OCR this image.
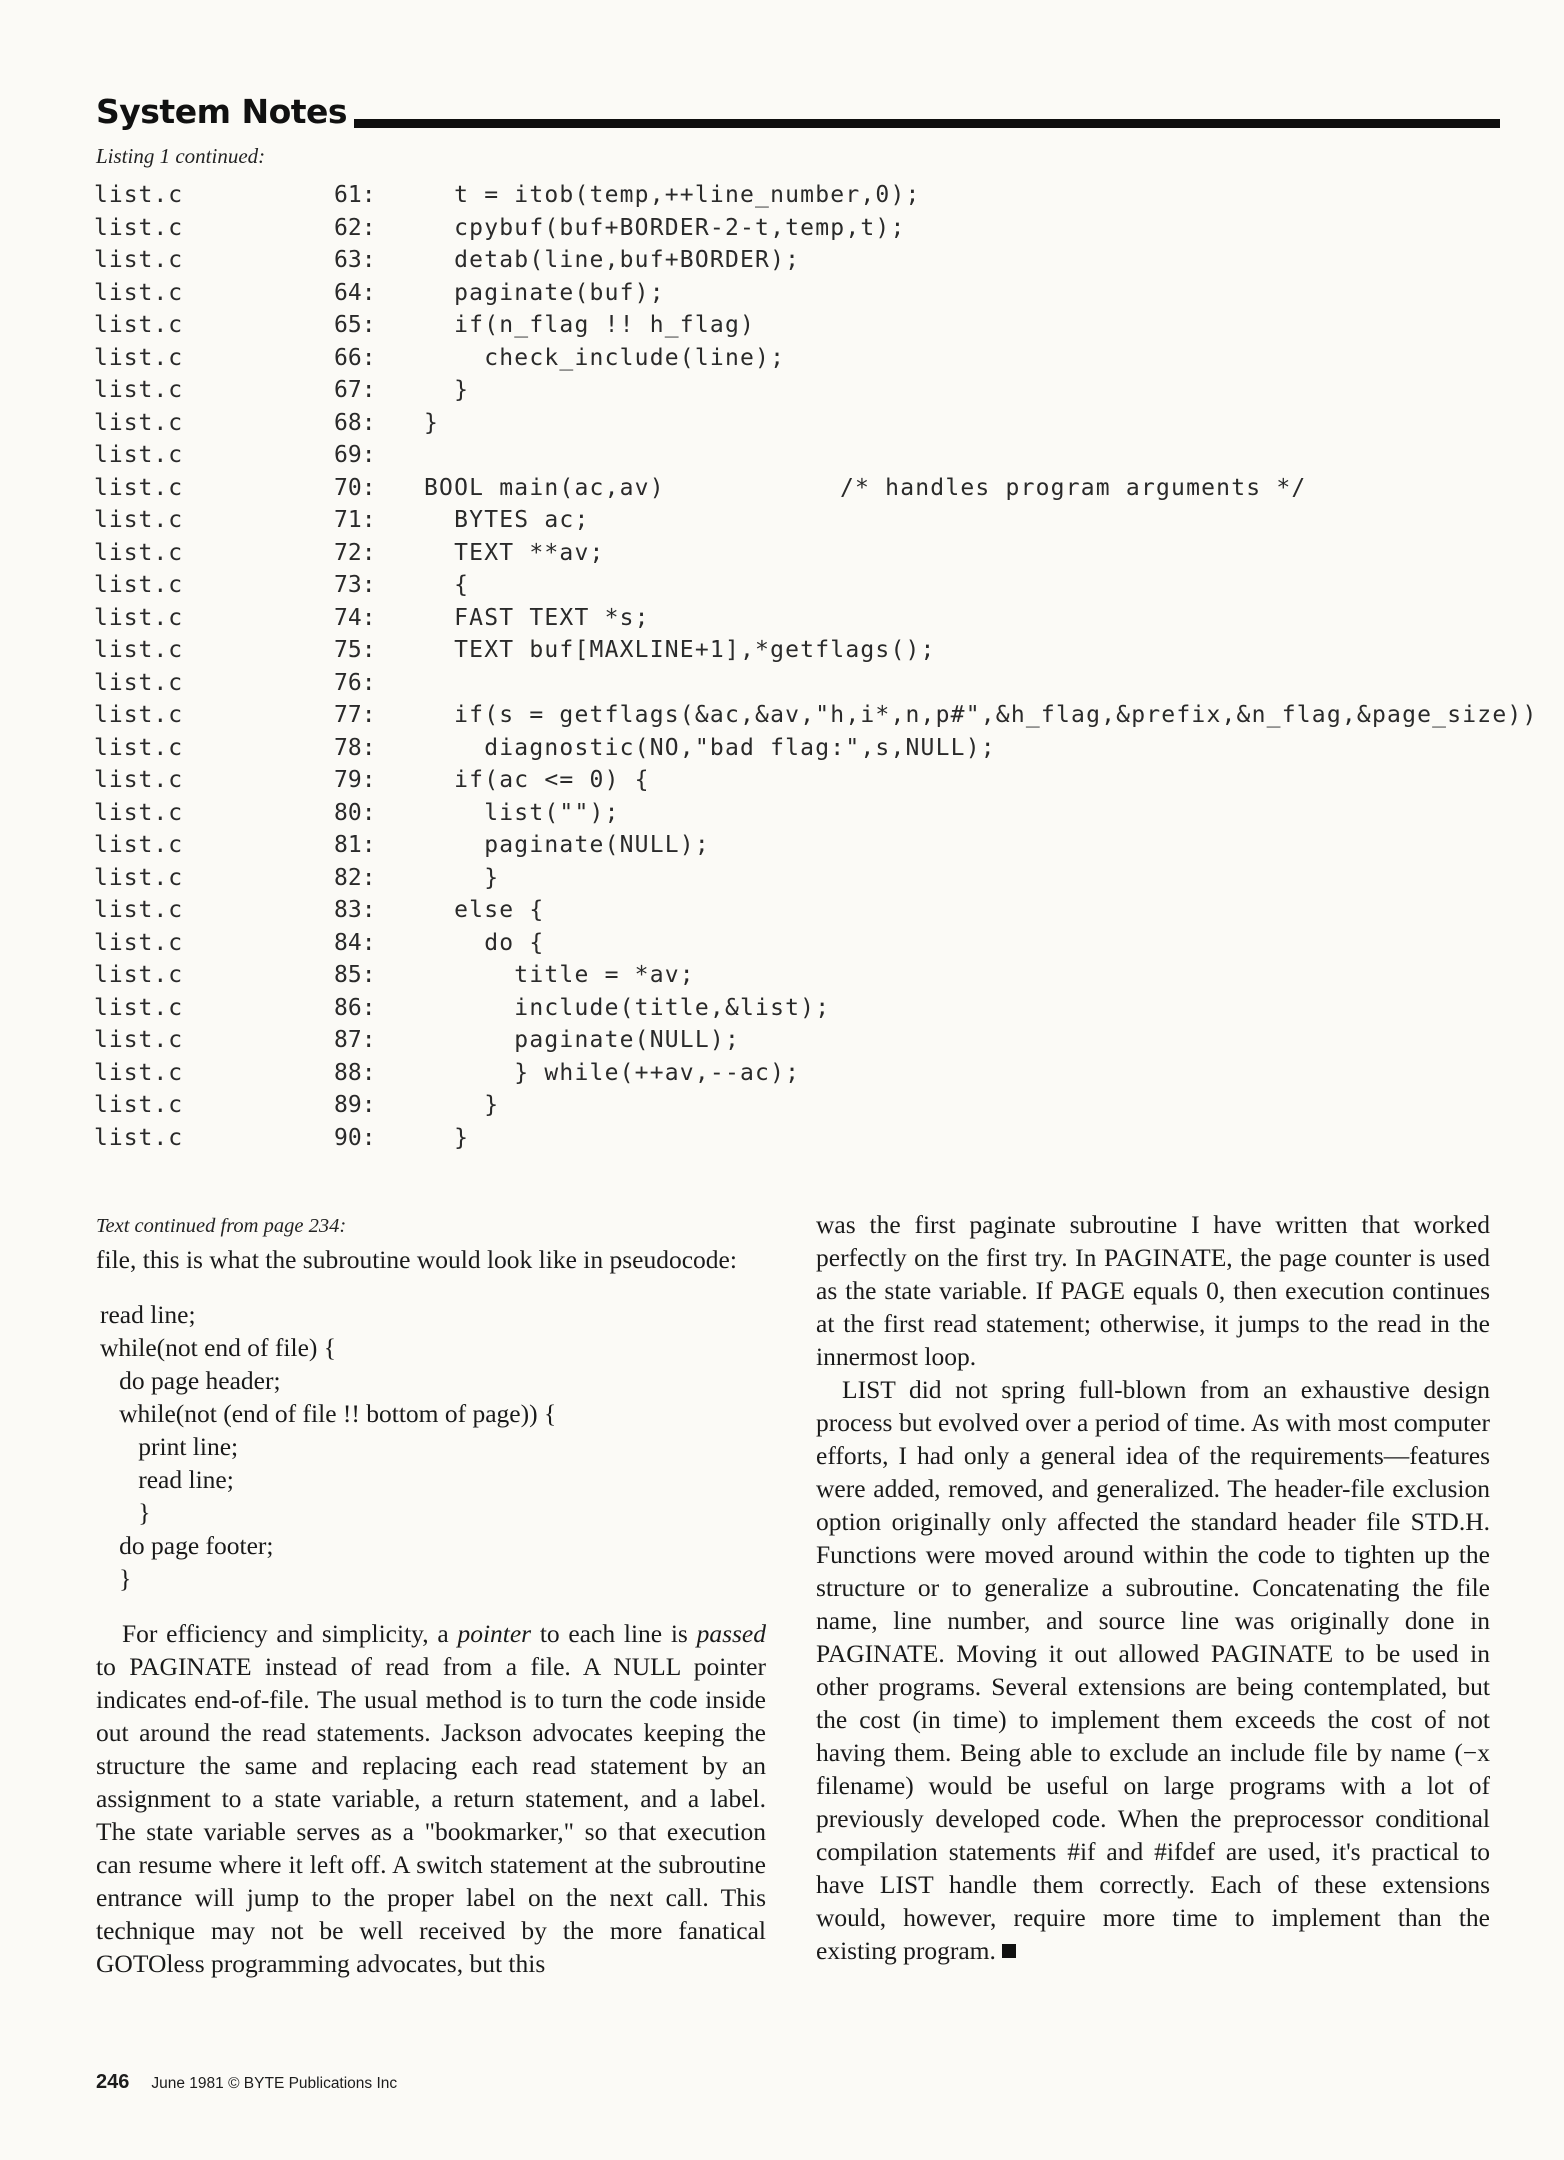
System Notes
Listing 1 continued:
list.c	61: t = itob(temp,++line_number,0);
list.c	62: cpybuf(buf+BORDER-2-t,temp,t);
list.c	63: detab(line,buf+BORDER);
list.c	64: paginate(buf);
list.c	65: if(n_flag !! h_flag)
list.c	66: check_include(line);
list.c	67: }
list.c	68: }
list.c	69:
list.c	70: BOOL main(ac,av)	/* handles program arguments */
list.c	71: BYTES ac;
list.c	72: TEXT **av;
list.c	73: {
list.c	74: FAST TEXT *s;
list.c	75: TEXT buf[MAXLINE+1],*getflags();
list.c	76:
list.c	77: if(s = getflags(&ac,&av,"h,i*,n,p#",&h_flag,&prefix,&n_flag,&page_size))
list.c	78: diagnostic(NO,"bad flag:",s,NULL);
list.c	79: if(ac <= 0) {
list.c	80: list("");
list.c	81: paginate(NULL);
list.c	82: }
list.c	83: else {
list.c	84: do {
list.c	85: title = *av;
list.c	86: include(title,&list);
list.c	87: paginate(NULL);
list.c	88: } while(++av,--ac);
list.c	89: }
list.c	90: }
Text continued from page 234:

file, this is what the subroutine would look like in pseudocode:

read line;
while(not end of file) {
do page header;
while(not (end of file !! bottom of page)) {
print line;
read line;
}
do page footer;
}

For efficiency and simplicity, a pointer to each line is passed to PAGINATE instead of read from a file. A NULL pointer indicates end-of-file. The usual method is to turn the code inside out around the read statements. Jackson advocates keeping the structure the same and replacing each read statement by an assignment to a state variable, a return statement, and a label. The state variable serves as a "bookmarker," so that execution can resume where it left off. A switch statement at the subroutine entrance will jump to the proper label on the next call. This technique may not be well received by the more fanatical GOTOless programming advocates, but this

was the first paginate subroutine I have written that worked perfectly on the first try. In PAGINATE, the page counter is used as the state variable. If PAGE equals 0, then execution continues at the first read statement; otherwise, it jumps to the read in the innermost loop.

LIST did not spring full-blown from an exhaustive design process but evolved over a period of time. As with most computer efforts, I had only a general idea of the requirements—features were added, removed, and generalized. The header-file exclusion option originally only affected the standard header file STD.H. Functions were moved around within the code to tighten up the structure or to generalize a subroutine. Concatenating the file name, line number, and source line was originally done in PAGINATE. Moving it out allowed PAGINATE to be used in other programs. Several extensions are being contemplated, but the cost (in time) to implement them exceeds the cost of not having them. Being able to exclude an include file by name (−x filename) would be useful on large programs with a lot of previously developed code. When the preprocessor conditional compilation statements #if and #ifdef are used, it's practical to have LIST handle them correctly. Each of these extensions would, however, require more time to implement than the existing program.

246 June 1981 © BYTE Publications Inc
